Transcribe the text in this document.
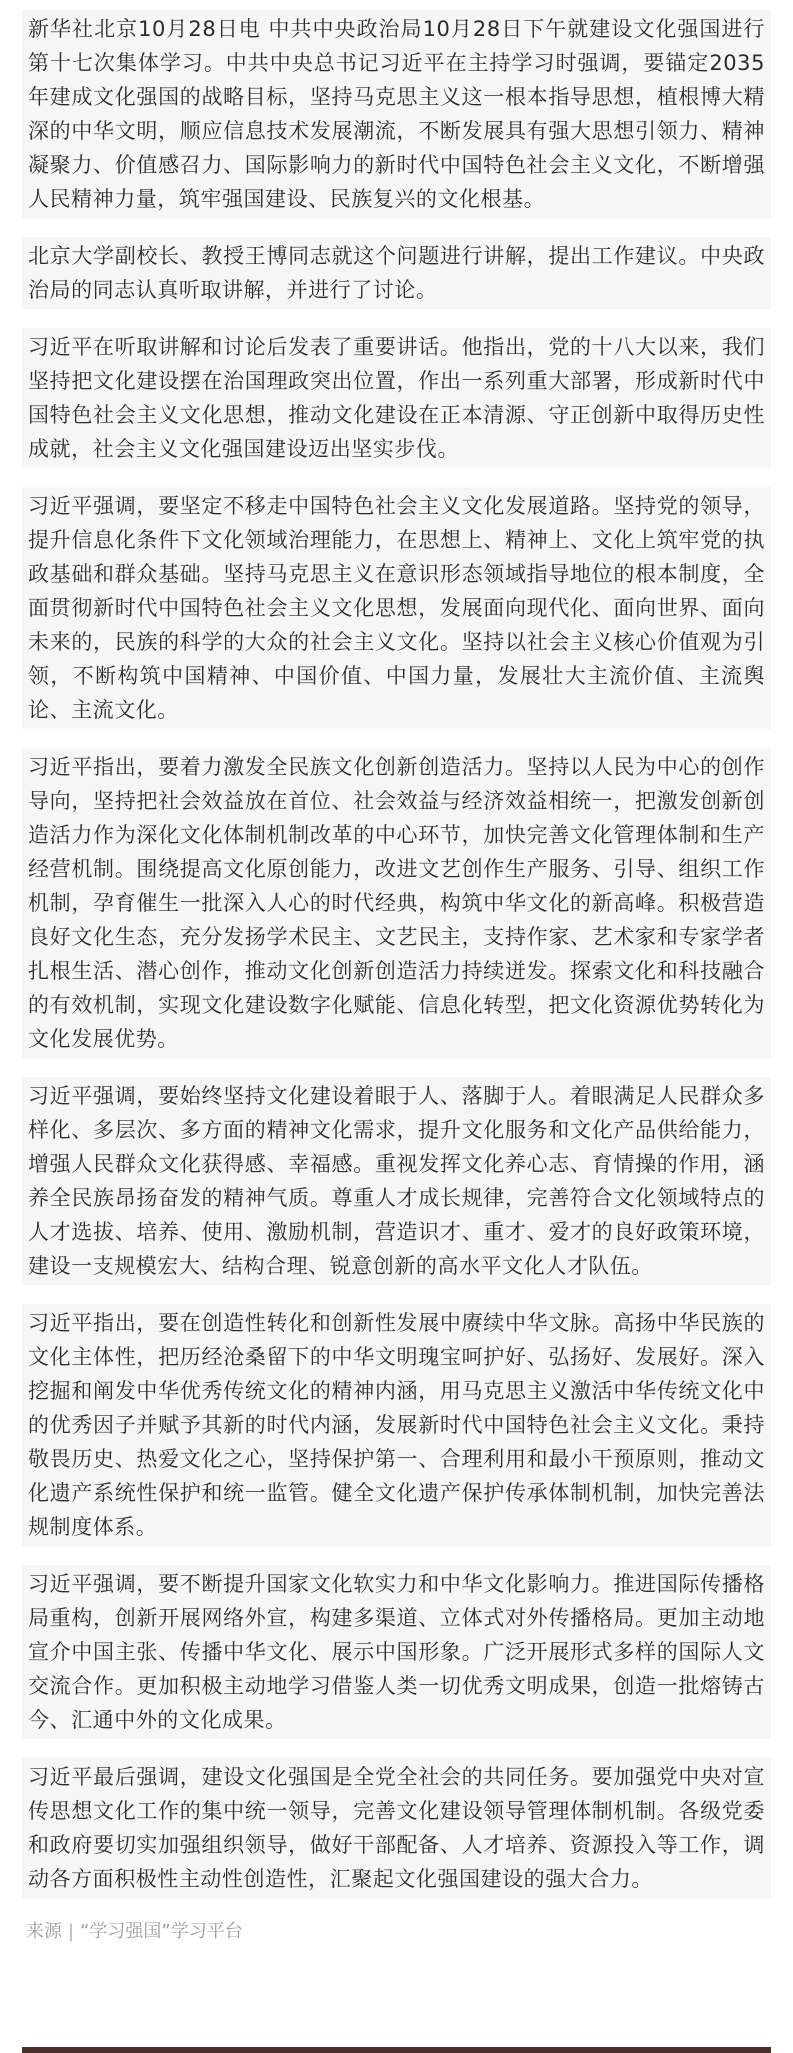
新华社北京10月28日电 中共中央政治局10月28日下午就建设文化强国进行第十七次集体学习。中共中央总书记习近平在主持学习时强调，要锚定2035年建成文化强国的战略目标，坚持马克思主义这一根本指导思想，植根博大精深的中华文明，顺应信息技术发展潮流，不断发展具有强大思想引领力、精神凝聚力、价值感召力、国际影响力的新时代中国特色社会主义文化，不断增强人民精神力量，筑牢强国建设、民族复兴的文化根基。

北京大学副校长、教授王博同志就这个问题进行讲解，提出工作建议。中央政治局的同志认真听取讲解，并进行了讨论。

习近平在听取讲解和讨论后发表了重要讲话。他指出，党的十八大以来，我们坚持把文化建设摆在治国理政突出位置，作出一系列重大部署，形成新时代中国特色社会主义文化思想，推动文化建设在正本清源、守正创新中取得历史性成就，社会主义文化强国建设迈出坚实步伐。

习近平强调，要坚定不移走中国特色社会主义文化发展道路。坚持党的领导，提升信息化条件下文化领域治理能力，在思想上、精神上、文化上筑牢党的执政基础和群众基础。坚持马克思主义在意识形态领域指导地位的根本制度，全面贯彻新时代中国特色社会主义文化思想，发展面向现代化、面向世界、面向未来的，民族的科学的大众的社会主义文化。坚持以社会主义核心价值观为引领，不断构筑中国精神、中国价值、中国力量，发展壮大主流价值、主流舆论、主流文化。

习近平指出，要着力激发全民族文化创新创造活力。坚持以人民为中心的创作导向，坚持把社会效益放在首位、社会效益与经济效益相统一，把激发创新创造活力作为深化文化体制机制改革的中心环节，加快完善文化管理体制和生产经营机制。围绕提高文化原创能力，改进文艺创作生产服务、引导、组织工作机制，孕育催生一批深入人心的时代经典，构筑中华文化的新高峰。积极营造良好文化生态，充分发扬学术民主、文艺民主，支持作家、艺术家和专家学者扎根生活、潜心创作，推动文化创新创造活力持续迸发。探索文化和科技融合的有效机制，实现文化建设数字化赋能、信息化转型，把文化资源优势转化为文化发展优势。

习近平强调，要始终坚持文化建设着眼于人、落脚于人。着眼满足人民群众多样化、多层次、多方面的精神文化需求，提升文化服务和文化产品供给能力，增强人民群众文化获得感、幸福感。重视发挥文化养心志、育情操的作用，涵养全民族昂扬奋发的精神气质。尊重人才成长规律，完善符合文化领域特点的人才选拔、培养、使用、激励机制，营造识才、重才、爱才的良好政策环境，建设一支规模宏大、结构合理、锐意创新的高水平文化人才队伍。

习近平指出，要在创造性转化和创新性发展中赓续中华文脉。高扬中华民族的文化主体性，把历经沧桑留下的中华文明瑰宝呵护好、弘扬好、发展好。深入挖掘和阐发中华优秀传统文化的精神内涵，用马克思主义激活中华传统文化中的优秀因子并赋予其新的时代内涵，发展新时代中国特色社会主义文化。秉持敬畏历史、热爱文化之心，坚持保护第一、合理利用和最小干预原则，推动文化遗产系统性保护和统一监管。健全文化遗产保护传承体制机制，加快完善法规制度体系。

习近平强调，要不断提升国家文化软实力和中华文化影响力。推进国际传播格局重构，创新开展网络外宣，构建多渠道、立体式对外传播格局。更加主动地宣介中国主张、传播中华文化、展示中国形象。广泛开展形式多样的国际人文交流合作。更加积极主动地学习借鉴人类一切优秀文明成果，创造一批熔铸古今、汇通中外的文化成果。

习近平最后强调，建设文化强国是全党全社会的共同任务。要加强党中央对宣传思想文化工作的集中统一领导，完善文化建设领导管理体制机制。各级党委和政府要切实加强组织领导，做好干部配备、人才培养、资源投入等工作，调动各方面积极性主动性创造性，汇聚起文化强国建设的强大合力。

来源 | “学习强国”学习平台
